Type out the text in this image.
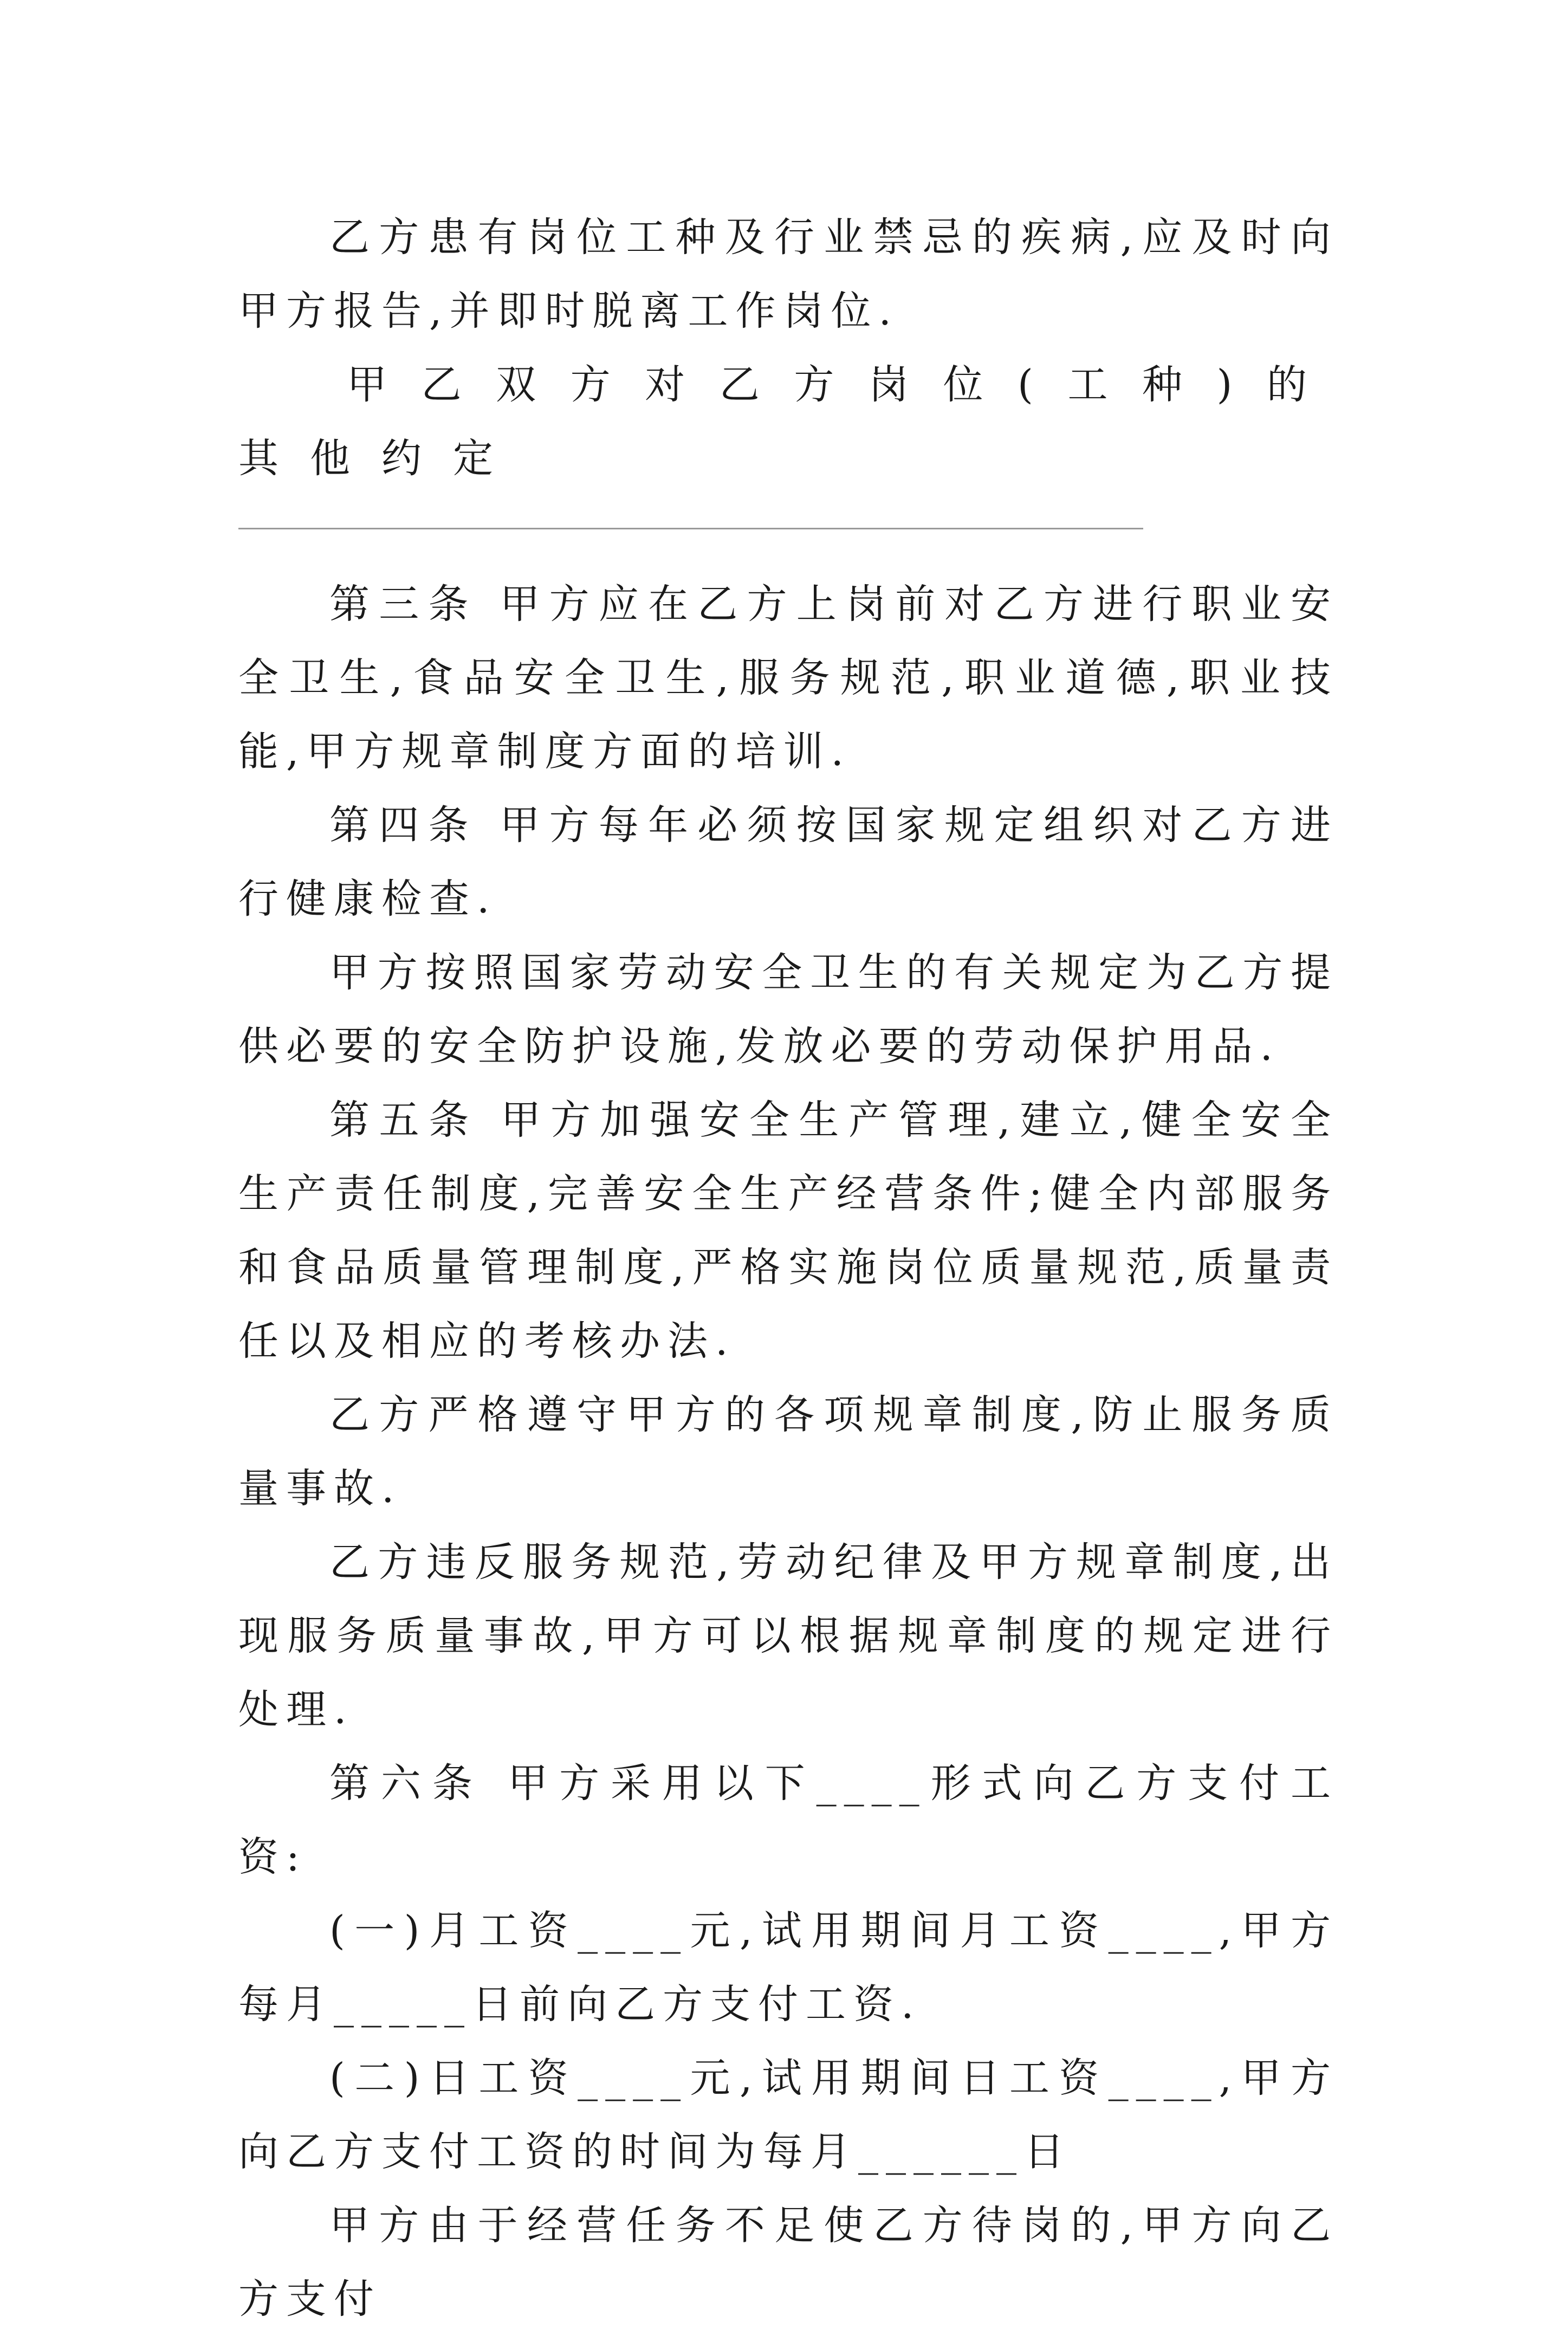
乙方患有岗位工种及行业禁忌的疾病,应及时向甲方报告,并即时脱离工作岗位.

甲乙双方对乙方岗位(工种)的其他约定

第三条 甲方应在乙方上岗前对乙方进行职业安全卫生,食品安全卫生,服务规范,职业道德,职业技能,甲方规章制度方面的培训.

第四条 甲方每年必须按国家规定组织对乙方进行健康检查.

甲方按照国家劳动安全卫生的有关规定为乙方提供必要的安全防护设施,发放必要的劳动保护用品.

第五条 甲方加强安全生产管理,建立,健全安全生产责任制度,完善安全生产经营条件;健全内部服务和食品质量管理制度,严格实施岗位质量规范,质量责任以及相应的考核办法.

乙方严格遵守甲方的各项规章制度,防止服务质量事故.

乙方违反服务规范,劳动纪律及甲方规章制度,出现服务质量事故,甲方可以根据规章制度的规定进行处理.

第六条 甲方采用以下____形式向乙方支付工资:

(一)月工资____元,试用期间月工资____,甲方每月_____日前向乙方支付工资.

(二)日工资____元,试用期间日工资____,甲方向乙方支付工资的时间为每月______日

甲方由于经营任务不足使乙方待岗的,甲方向乙方支付
